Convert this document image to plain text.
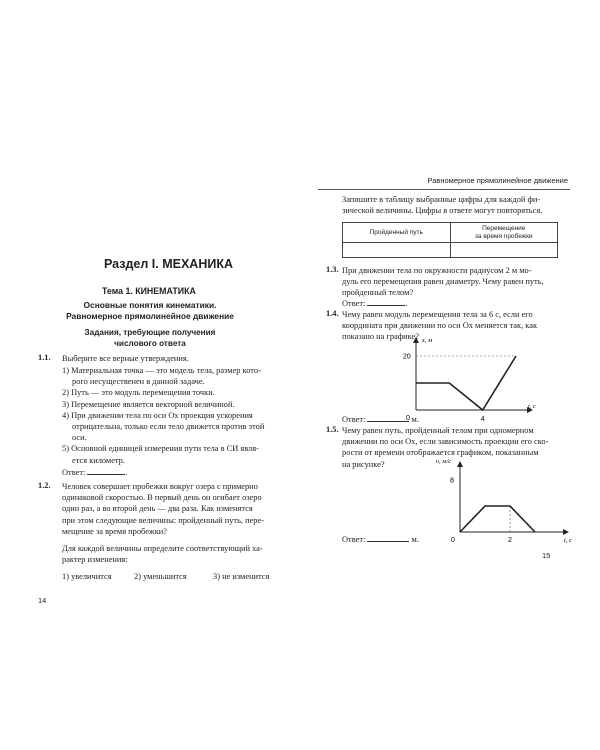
Раздел I. МЕХАНИКА
Тема 1. КИНЕМАТИКА
Основные понятия кинематики.
Равномерное прямолинейное движение
Задания, требующие получения
числового ответа
1.1. Выберите все верные утверждения.
1) Материальная точка — это модель тела, размер кото-
рого несущественен в данной задаче.
2) Путь — это модуль перемещения точки.
3) Перемещение является векторной величиной.
4) При движении тела по оси Ox проекция ускорения
отрицательна, только если тело движется против этой
оси.
5) Основной единицей измерения пути тела в СИ явля-
ется километр.
Ответ:	.
1.2. Человек совершает пробежки вокруг озера с примерно
одинаковой скоростью. В первый день он огибает озеро
один раз, а во второй день — два раза. Как изменятся
при этом следующие величины: пройденный путь, пере-
мещение за время пробежки?
Для каждой величины определите соответствующий ха-
рактер изменения:
1) увеличится	2) уменьшится	3) не изменится
14
Равномерное прямолинейное движение
Запишите в таблицу выбранные цифры для каждой фи-
зической величины. Цифры в ответе могут повторяться.
Пройденный путь	Перемещение
за время пробежки

1.3. При движении тела по окружности радиусом 2 м мо-
дуль его перемещения равен диаметру. Чему равен путь,
пройденный телом?
Ответ:	.
1.4. Чему равен модуль перемещения тела за 6 с, если его
координата при движении по оси Ox меняется так, как
показано на графике? x, м
t, с
20
4
0
Ответ:	м.
1.5. Чему равен путь, пройденный телом при одномерном
движении по оси Ox, если зависимость проекции его ско-
рости от времени отображается графиком, показанным
на рисунке?	υ, м/с
t, с
8
2
0
Ответ:	м.
15
